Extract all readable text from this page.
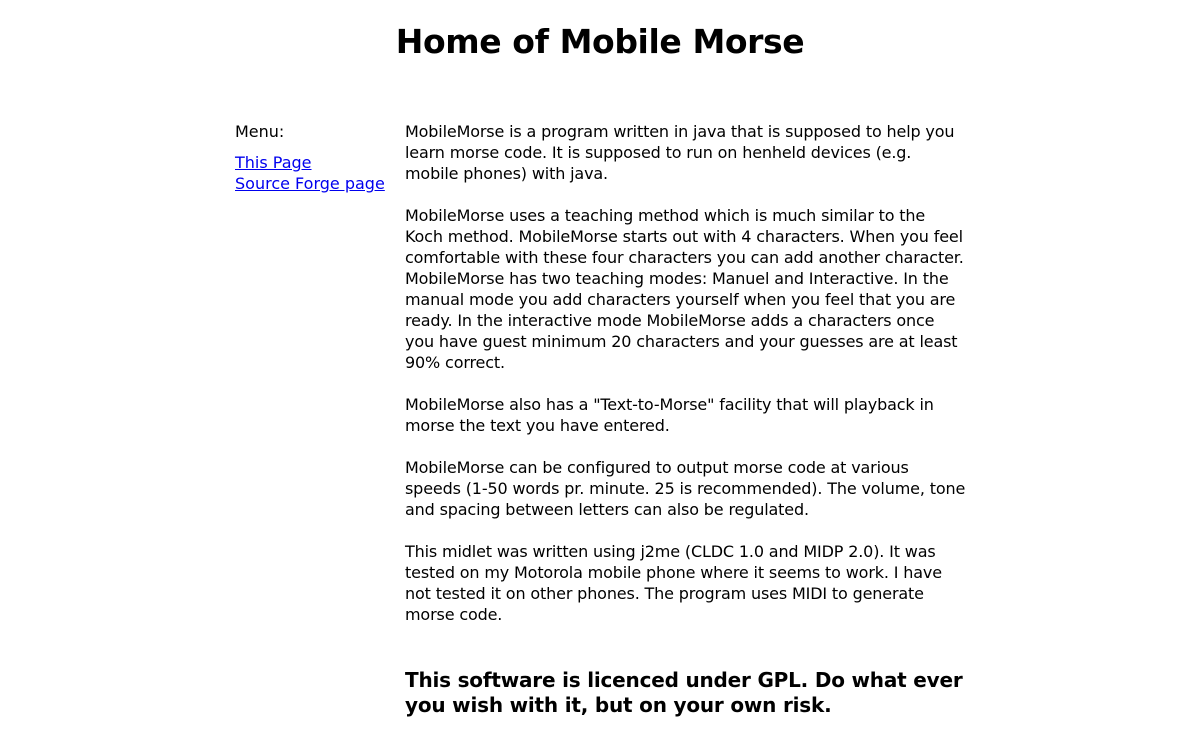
Home of Mobile Morse
Menu:
This Page
Source Forge page

MobileMorse is a program written in java that is supposed to help you learn morse code. It is supposed to run on henheld devices (e.g. mobile phones) with java.

MobileMorse uses a teaching method which is much similar to the Koch method. MobileMorse starts out with 4 characters. When you feel comfortable with these four characters you can add another character. MobileMorse has two teaching modes: Manuel and Interactive. In the manual mode you add characters yourself when you feel that you are ready. In the interactive mode MobileMorse adds a characters once you have guest minimum 20 characters and your guesses are at least 90% correct.

MobileMorse also has a "Text-to-Morse" facility that will playback in morse the text you have entered.

MobileMorse can be configured to output morse code at various speeds (1-50 words pr. minute. 25 is recommended). The volume, tone and spacing between letters can also be regulated.

This midlet was written using j2me (CLDC 1.0 and MIDP 2.0). It was tested on my Motorola mobile phone where it seems to work. I have not tested it on other phones. The program uses MIDI to generate morse code.

This software is licenced under GPL. Do what ever you wish with it, but on your own risk.
